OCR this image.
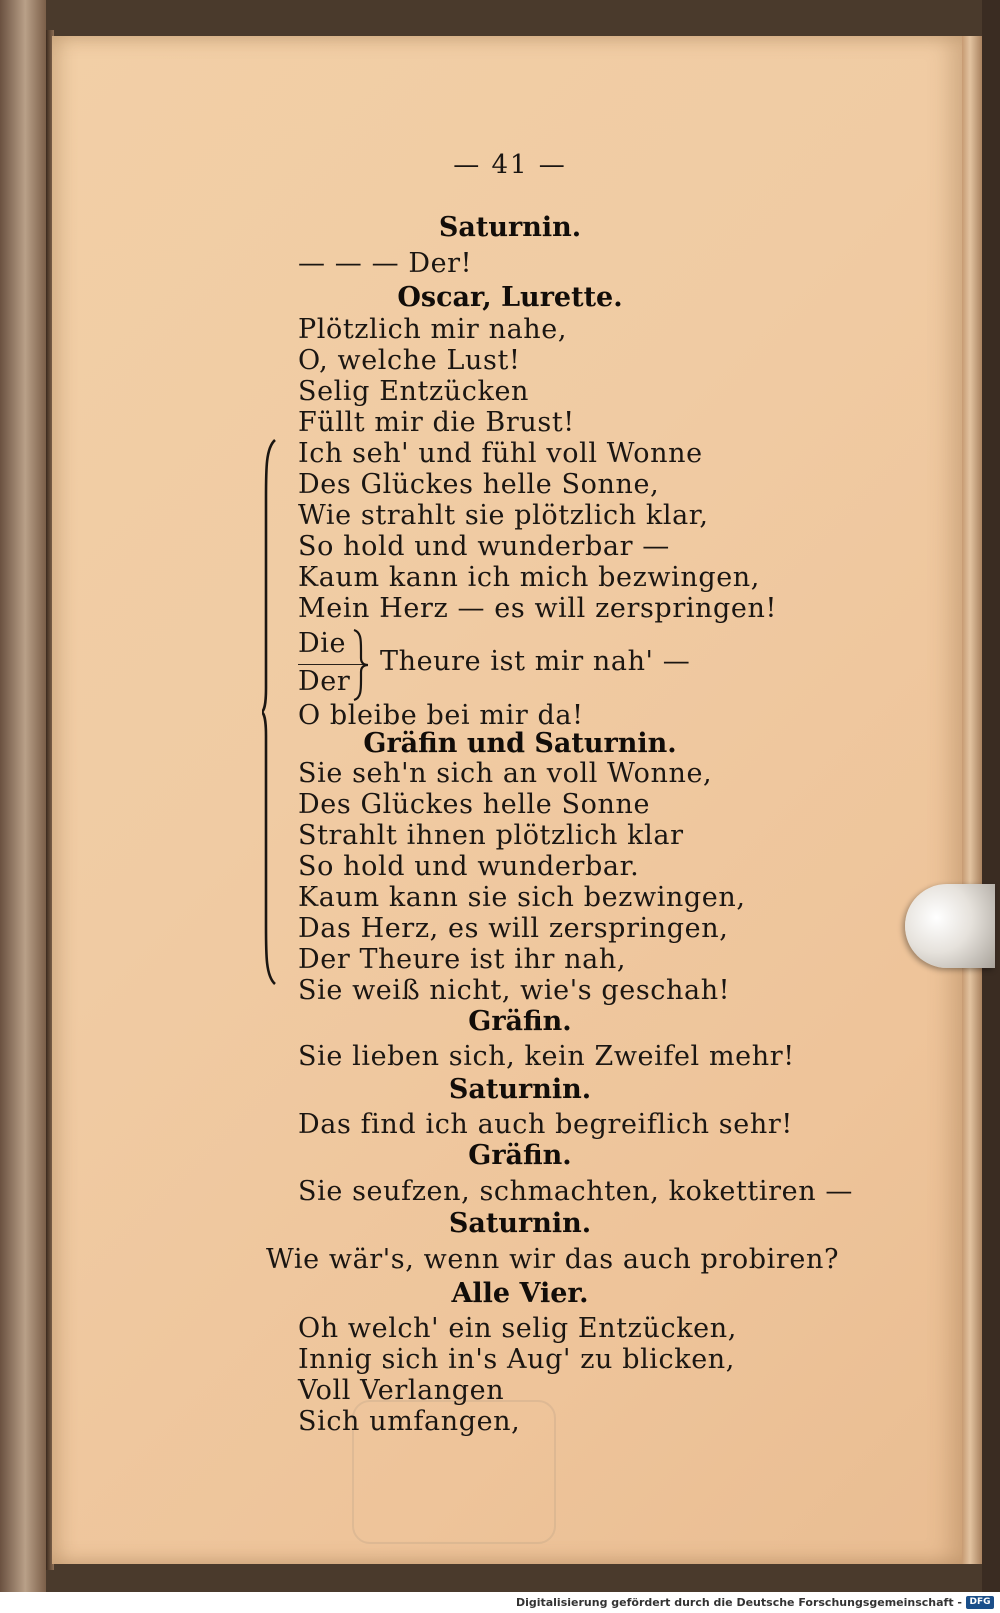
— 41 —
Saturnin.
— — — Der!
Oscar, Lurette.
Plötzlich mir nahe,
O, welche Lust!
Selig Entzücken
Füllt mir die Brust!
Ich seh' und fühl voll Wonne
Des Glückes helle Sonne,
Wie strahlt sie plötzlich klar,
So hold und wunderbar —
Kaum kann ich mich bezwingen,
Mein Herz — es will zerspringen!
Die
Der
Theure ist mir nah' —
O bleibe bei mir da!
Gräfin und Saturnin.
Sie seh'n sich an voll Wonne,
Des Glückes helle Sonne
Strahlt ihnen plötzlich klar
So hold und wunderbar.
Kaum kann sie sich bezwingen,
Das Herz, es will zerspringen,
Der Theure ist ihr nah,
Sie weiß nicht, wie's geschah!
Gräfin.
Sie lieben sich, kein Zweifel mehr!
Saturnin.
Das find ich auch begreiflich sehr!
Gräfin.
Sie seufzen, schmachten, kokettiren —
Saturnin.
Wie wär's, wenn wir das auch probiren?
Alle Vier.
Oh welch' ein selig Entzücken,
Innig sich in's Aug' zu blicken,
Voll Verlangen
Sich umfangen,
Digitalisierung gefördert durch die Deutsche Forschungsgemeinschaft - DFG
